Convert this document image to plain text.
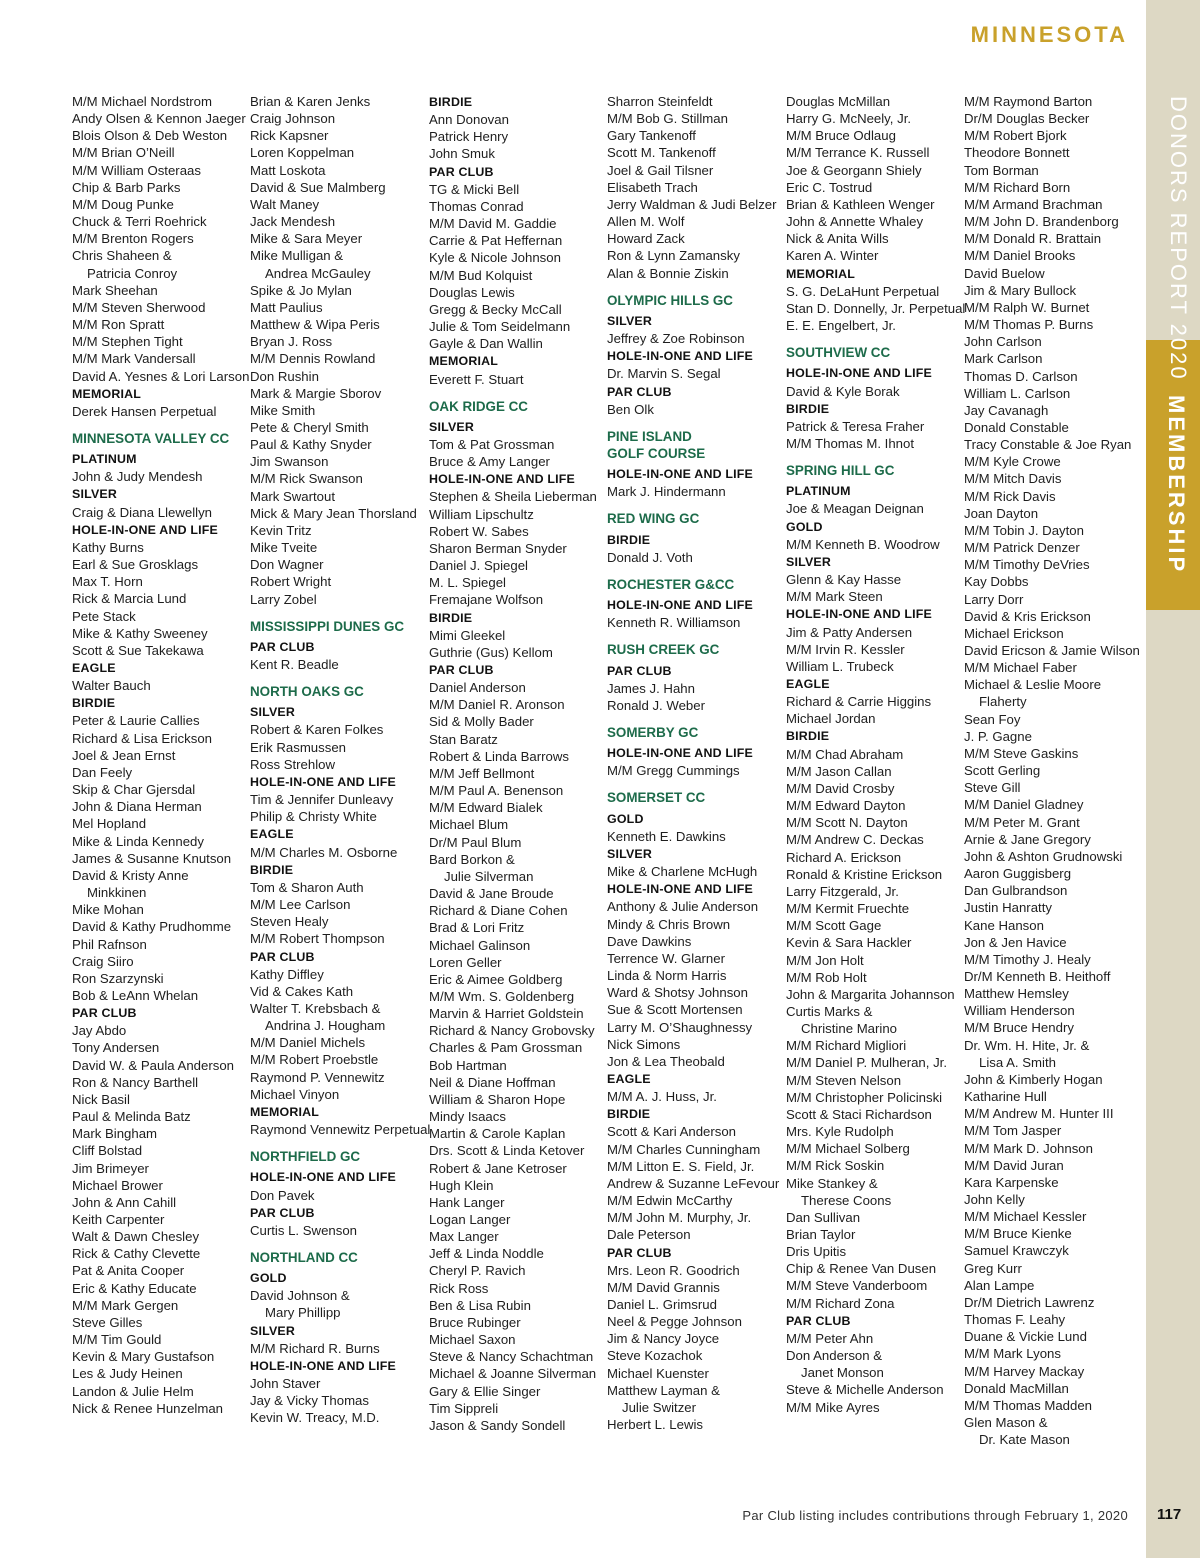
MINNESOTA
DONORS REPORT 2020
MEMBERSHIP
M/M Michael Nordstrom
Andy Olsen & Kennon Jaeger
Blois Olson & Deb Weston
M/M Brian O’Neill
M/M William Osteraas
Chip & Barb Parks
M/M Doug Punke
Chuck & Terri Roehrick
M/M Brenton Rogers
Chris Shaheen &
Patricia Conroy
Mark Sheehan
M/M Steven Sherwood
M/M Ron Spratt
M/M Stephen Tight
M/M Mark Vandersall
David A. Yesnes & Lori Larson
MEMORIAL
Derek Hansen Perpetual
MINNESOTA VALLEY CC
PLATINUM
John & Judy Mendesh
SILVER
Craig & Diana Llewellyn
HOLE-IN-ONE AND LIFE
Kathy Burns
Earl & Sue Grosklags
Max T. Horn
Rick & Marcia Lund
Pete Stack
Mike & Kathy Sweeney
Scott & Sue Takekawa
EAGLE
Walter Bauch
BIRDIE
Peter & Laurie Callies
Richard & Lisa Erickson
Joel & Jean Ernst
Dan Feely
Skip & Char Gjersdal
John & Diana Herman
Mel Hopland
Mike & Linda Kennedy
James & Susanne Knutson
David & Kristy Anne
Minkkinen
Mike Mohan
David & Kathy Prudhomme
Phil Rafnson
Craig Siiro
Ron Szarzynski
Bob & LeAnn Whelan
PAR CLUB
Jay Abdo
Tony Andersen
David W. & Paula Anderson
Ron & Nancy Barthell
Nick Basil
Paul & Melinda Batz
Mark Bingham
Cliff Bolstad
Jim Brimeyer
Michael Brower
John & Ann Cahill
Keith Carpenter
Walt & Dawn Chesley
Rick & Cathy Clevette
Pat & Anita Cooper
Eric & Kathy Educate
M/M Mark Gergen
Steve Gilles
M/M Tim Gould
Kevin & Mary Gustafson
Les & Judy Heinen
Landon & Julie Helm
Nick & Renee Hunzelman
Brian & Karen Jenks
Craig Johnson
Rick Kapsner
Loren Koppelman
Matt Loskota
David & Sue Malmberg
Walt Maney
Jack Mendesh
Mike & Sara Meyer
Mike Mulligan &
Andrea McGauley
Spike & Jo Mylan
Matt Paulius
Matthew & Wipa Peris
Bryan J. Ross
M/M Dennis Rowland
Don Rushin
Mark & Margie Sborov
Mike Smith
Pete & Cheryl Smith
Paul & Kathy Snyder
Jim Swanson
M/M Rick Swanson
Mark Swartout
Mick & Mary Jean Thorsland
Kevin Tritz
Mike Tveite
Don Wagner
Robert Wright
Larry Zobel
MISSISSIPPI DUNES GC
PAR CLUB
Kent R. Beadle
NORTH OAKS GC
SILVER
Robert & Karen Folkes
Erik Rasmussen
Ross Strehlow
HOLE-IN-ONE AND LIFE
Tim & Jennifer Dunleavy
Philip & Christy White
EAGLE
M/M Charles M. Osborne
BIRDIE
Tom & Sharon Auth
M/M Lee Carlson
Steven Healy
M/M Robert Thompson
PAR CLUB
Kathy Diffley
Vid & Cakes Kath
Walter T. Krebsbach &
Andrina J. Hougham
M/M Daniel Michels
M/M Robert Proebstle
Raymond P. Vennewitz
Michael Vinyon
MEMORIAL
Raymond Vennewitz Perpetual
NORTHFIELD GC
HOLE-IN-ONE AND LIFE
Don Pavek
PAR CLUB
Curtis L. Swenson
NORTHLAND CC
GOLD
David Johnson &
Mary Phillipp
SILVER
M/M Richard R. Burns
HOLE-IN-ONE AND LIFE
John Staver
Jay & Vicky Thomas
Kevin W. Treacy, M.D.
BIRDIE
Ann Donovan
Patrick Henry
John Smuk
PAR CLUB
TG & Micki Bell
Thomas Conrad
M/M David M. Gaddie
Carrie & Pat Heffernan
Kyle & Nicole Johnson
M/M Bud Kolquist
Douglas Lewis
Gregg & Becky McCall
Julie & Tom Seidelmann
Gayle & Dan Wallin
MEMORIAL
Everett F. Stuart
OAK RIDGE CC
SILVER
Tom & Pat Grossman
Bruce & Amy Langer
HOLE-IN-ONE AND LIFE
Stephen & Sheila Lieberman
William Lipschultz
Robert W. Sabes
Sharon Berman Snyder
Daniel J. Spiegel
M. L. Spiegel
Fremajane Wolfson
BIRDIE
Mimi Gleekel
Guthrie (Gus) Kellom
PAR CLUB
Daniel Anderson
M/M Daniel R. Aronson
Sid & Molly Bader
Stan Baratz
Robert & Linda Barrows
M/M Jeff Bellmont
M/M Paul A. Benenson
M/M Edward Bialek
Michael Blum
Dr/M Paul Blum
Bard Borkon &
Julie Silverman
David & Jane Broude
Richard & Diane Cohen
Brad & Lori Fritz
Michael Galinson
Loren Geller
Eric & Aimee Goldberg
M/M Wm. S. Goldenberg
Marvin & Harriet Goldstein
Richard & Nancy Grobovsky
Charles & Pam Grossman
Bob Hartman
Neil & Diane Hoffman
William & Sharon Hope
Mindy Isaacs
Martin & Carole Kaplan
Drs. Scott & Linda Ketover
Robert & Jane Ketroser
Hugh Klein
Hank Langer
Logan Langer
Max Langer
Jeff & Linda Noddle
Cheryl P. Ravich
Rick Ross
Ben & Lisa Rubin
Bruce Rubinger
Michael Saxon
Steve & Nancy Schachtman
Michael & Joanne Silverman
Gary & Ellie Singer
Tim Sippreli
Jason & Sandy Sondell
Sharron Steinfeldt
M/M Bob G. Stillman
Gary Tankenoff
Scott M. Tankenoff
Joel & Gail Tilsner
Elisabeth Trach
Jerry Waldman & Judi Belzer
Allen M. Wolf
Howard Zack
Ron & Lynn Zamansky
Alan & Bonnie Ziskin
OLYMPIC HILLS GC
SILVER
Jeffrey & Zoe Robinson
HOLE-IN-ONE AND LIFE
Dr. Marvin S. Segal
PAR CLUB
Ben Olk
PINE ISLAND
GOLF COURSE
HOLE-IN-ONE AND LIFE
Mark J. Hindermann
RED WING GC
BIRDIE
Donald J. Voth
ROCHESTER G&CC
HOLE-IN-ONE AND LIFE
Kenneth R. Williamson
RUSH CREEK GC
PAR CLUB
James J. Hahn
Ronald J. Weber
SOMERBY GC
HOLE-IN-ONE AND LIFE
M/M Gregg Cummings
SOMERSET CC
GOLD
Kenneth E. Dawkins
SILVER
Mike & Charlene McHugh
HOLE-IN-ONE AND LIFE
Anthony & Julie Anderson
Mindy & Chris Brown
Dave Dawkins
Terrence W. Glarner
Linda & Norm Harris
Ward & Shotsy Johnson
Sue & Scott Mortensen
Larry M. O’Shaughnessy
Nick Simons
Jon & Lea Theobald
EAGLE
M/M A. J. Huss, Jr.
BIRDIE
Scott & Kari Anderson
M/M Charles Cunningham
M/M Litton E. S. Field, Jr.
Andrew & Suzanne LeFevour
M/M Edwin McCarthy
M/M John M. Murphy, Jr.
Dale Peterson
PAR CLUB
Mrs. Leon R. Goodrich
M/M David Grannis
Daniel L. Grimsrud
Neel & Pegge Johnson
Jim & Nancy Joyce
Steve Kozachok
Michael Kuenster
Matthew Layman &
Julie Switzer
Herbert L. Lewis
Douglas McMillan
Harry G. McNeely, Jr.
M/M Bruce Odlaug
M/M Terrance K. Russell
Joe & Georgann Shiely
Eric C. Tostrud
Brian & Kathleen Wenger
John & Annette Whaley
Nick & Anita Wills
Karen A. Winter
MEMORIAL
S. G. DeLaHunt Perpetual
Stan D. Donnelly, Jr. Perpetual
E. E. Engelbert, Jr.
SOUTHVIEW CC
HOLE-IN-ONE AND LIFE
David & Kyle Borak
BIRDIE
Patrick & Teresa Fraher
M/M Thomas M. Ihnot
SPRING HILL GC
PLATINUM
Joe & Meagan Deignan
GOLD
M/M Kenneth B. Woodrow
SILVER
Glenn & Kay Hasse
M/M Mark Steen
HOLE-IN-ONE AND LIFE
Jim & Patty Andersen
M/M Irvin R. Kessler
William L. Trubeck
EAGLE
Richard & Carrie Higgins
Michael Jordan
BIRDIE
M/M Chad Abraham
M/M Jason Callan
M/M David Crosby
M/M Edward Dayton
M/M Scott N. Dayton
M/M Andrew C. Deckas
Richard A. Erickson
Ronald & Kristine Erickson
Larry Fitzgerald, Jr.
M/M Kermit Fruechte
M/M Scott Gage
Kevin & Sara Hackler
M/M Jon Holt
M/M Rob Holt
John & Margarita Johannson
Curtis Marks &
Christine Marino
M/M Richard Migliori
M/M Daniel P. Mulheran, Jr.
M/M Steven Nelson
M/M Christopher Policinski
Scott & Staci Richardson
Mrs. Kyle Rudolph
M/M Michael Solberg
M/M Rick Soskin
Mike Stankey &
Therese Coons
Dan Sullivan
Brian Taylor
Dris Upitis
Chip & Renee Van Dusen
M/M Steve Vanderboom
M/M Richard Zona
PAR CLUB
M/M Peter Ahn
Don Anderson &
Janet Monson
Steve & Michelle Anderson
M/M Mike Ayres
M/M Raymond Barton
Dr/M Douglas Becker
M/M Robert Bjork
Theodore Bonnett
Tom Borman
M/M Richard Born
M/M Armand Brachman
M/M John D. Brandenborg
M/M Donald R. Brattain
M/M Daniel Brooks
David Buelow
Jim & Mary Bullock
M/M Ralph W. Burnet
M/M Thomas P. Burns
John Carlson
Mark Carlson
Thomas D. Carlson
William L. Carlson
Jay Cavanagh
Donald Constable
Tracy Constable & Joe Ryan
M/M Kyle Crowe
M/M Mitch Davis
M/M Rick Davis
Joan Dayton
M/M Tobin J. Dayton
M/M Patrick Denzer
M/M Timothy DeVries
Kay Dobbs
Larry Dorr
David & Kris Erickson
Michael Erickson
David Ericson & Jamie Wilson
M/M Michael Faber
Michael & Leslie Moore
Flaherty
Sean Foy
J. P. Gagne
M/M Steve Gaskins
Scott Gerling
Steve Gill
M/M Daniel Gladney
M/M Peter M. Grant
Arnie & Jane Gregory
John & Ashton Grudnowski
Aaron Guggisberg
Dan Gulbrandson
Justin Hanratty
Kane Hanson
Jon & Jen Havice
M/M Timothy J. Healy
Dr/M Kenneth B. Heithoff
Matthew Hemsley
William Henderson
M/M Bruce Hendry
Dr. Wm. H. Hite, Jr. &
Lisa A. Smith
John & Kimberly Hogan
Katharine Hull
M/M Andrew M. Hunter III
M/M Tom Jasper
M/M Mark D. Johnson
M/M David Juran
Kara Karpenske
John Kelly
M/M Michael Kessler
M/M Bruce Kienke
Samuel Krawczyk
Greg Kurr
Alan Lampe
Dr/M Dietrich Lawrenz
Thomas F. Leahy
Duane & Vickie Lund
M/M Mark Lyons
M/M Harvey Mackay
Donald MacMillan
M/M Thomas Madden
Glen Mason &
Dr. Kate Mason
Par Club listing includes contributions through February 1, 2020 117
